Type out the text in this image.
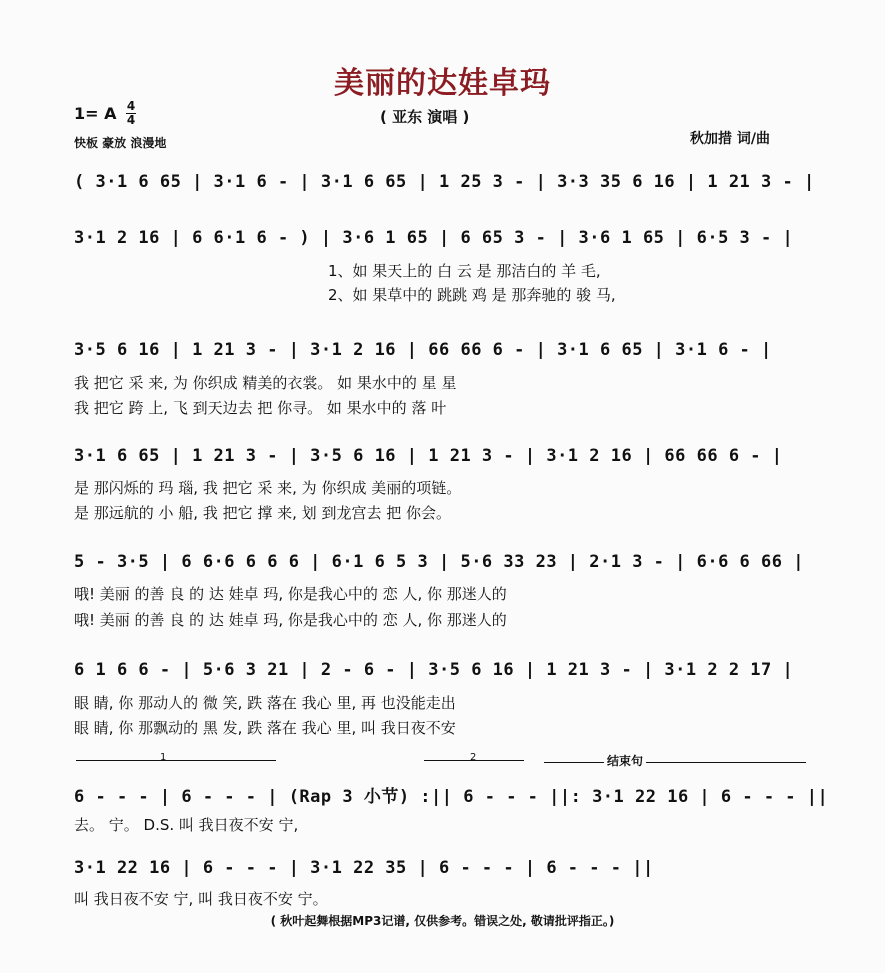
美丽的达娃卓玛
1= A 4
4	( 亚东 演唱 )
快板 豪放 浪漫地	秋加措 词/曲
( 3·1 6 65 | 3·1 6 - | 3·1 6 65 | 1 25 3 - | 3·3 35 6 16 | 1 21 3 - |
3·1 2 16 | 6 6·1 6 - ) | 3·6 1 65 | 6 65 3 - | 3·6 1 65 | 6·5 3 - |
1、如 果天上的 白 云 是 那洁白的 羊 毛,
2、如 果草中的 跳跳 鸡 是 那奔驰的 骏 马,
3·5 6 16 | 1 21 3 - | 3·1 2 16 | 66 66 6 - | 3·1 6 65 | 3·1 6 - |
我 把它 采 来, 为 你织成 精美的衣裳。 如 果水中的 星 星
我 把它 跨 上, 飞 到天边去 把 你寻。 如 果水中的 落 叶
3·1 6 65 | 1 21 3 - | 3·5 6 16 | 1 21 3 - | 3·1 2 16 | 66 66 6 - |
是 那闪烁的 玛 瑙, 我 把它 采 来, 为 你织成 美丽的项链。
是 那远航的 小 船, 我 把它 撑 来, 划 到龙宫去 把 你会。
5 - 3·5 | 6 6·6 6 6 6 | 6·1 6 5 3 | 5·6 33 23 | 2·1 3 - | 6·6 6 66 |
哦! 美丽 的善 良 的 达 娃卓 玛, 你是我心中的 恋 人, 你 那迷人的
哦! 美丽 的善 良 的 达 娃卓 玛, 你是我心中的 恋 人, 你 那迷人的
6 1 6 6 - | 5·6 3 21 | 2 - 6 - | 3·5 6 16 | 1 21 3 - | 3·1 2 2 17 |
眼 睛, 你 那动人的 微 笑, 跌 落在 我心 里, 再 也没能走出
眼 睛, 你 那飘动的 黑 发, 跌 落在 我心 里, 叫 我日夜不安
1	2	结束句
6 - - - | 6 - - - | (Rap 3 小节) :|| 6 - - - ||: 3·1 22 16 | 6 - - - ||
去。 宁。 D.S. 叫 我日夜不安 宁,
3·1 22 16 | 6 - - - | 3·1 22 35 | 6 - - - | 6 - - - ||
叫 我日夜不安 宁, 叫 我日夜不安 宁。
( 秋叶起舞根据MP3记谱, 仅供参考。错误之处, 敬请批评指正。)
